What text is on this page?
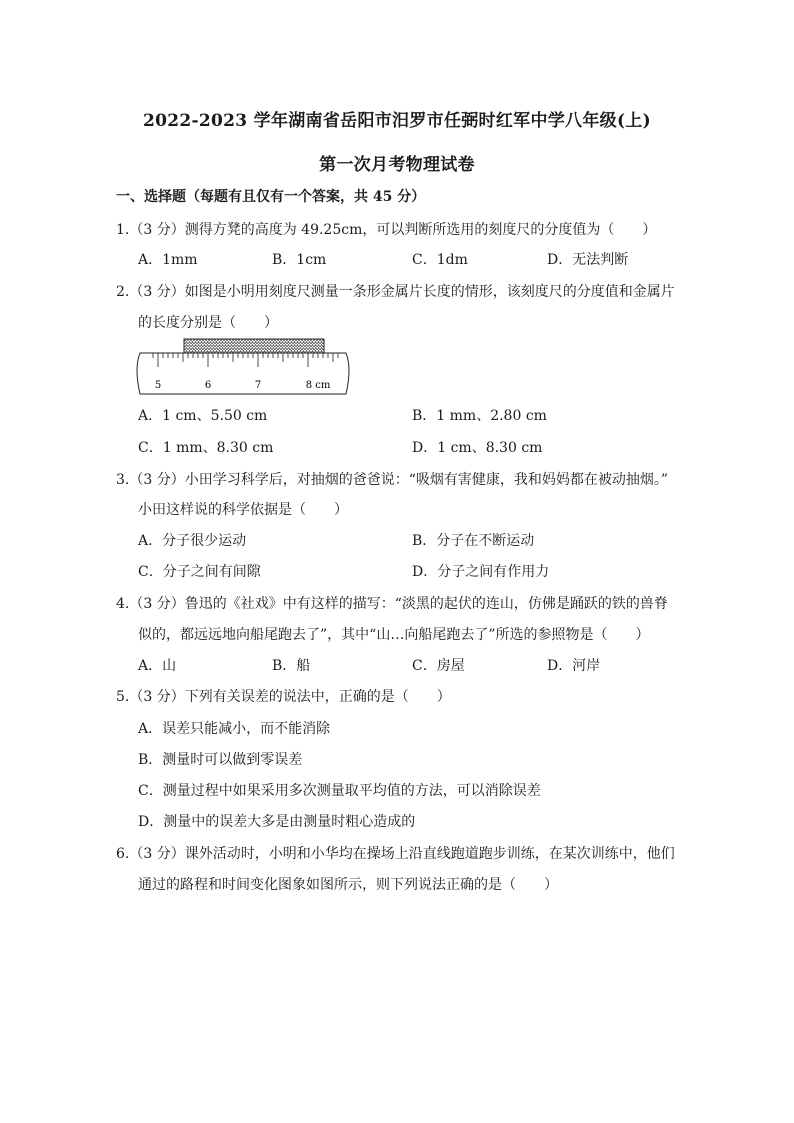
2022-2023 学年湖南省岳阳市汨罗市任弼时红军中学八年级(上)
第一次月考物理试卷
一、选择题（每题有且仅有一个答案，共 45 分）
1.（3 分）测得方凳的高度为 49.25cm，可以判断所选用的刻度尺的分度值为（　　）
A．1mm	B．1cm	C．1dm	D．无法判断
2.（3 分）如图是小明用刻度尺测量一条形金属片长度的情形，该刻度尺的分度值和金属片
的长度分别是（　　）
5	6	7	8 cm
A．1 cm、5.50 cm	B．1 mm、2.80 cm
C．1 mm、8.30 cm	D．1 cm、8.30 cm
3.（3 分）小田学习科学后，对抽烟的爸爸说：“吸烟有害健康，我和妈妈都在被动抽烟。”
小田这样说的科学依据是（　　）
A．分子很少运动	B．分子在不断运动
C．分子之间有间隙	D．分子之间有作用力
4.（3 分）鲁迅的《社戏》中有这样的描写：“淡黑的起伏的连山，仿佛是踊跃的铁的兽脊
似的，都远远地向船尾跑去了”，其中“山…向船尾跑去了”所选的参照物是（　　）
A．山	B．船	C．房屋	D．河岸
5.（3 分）下列有关误差的说法中，正确的是（　　）
A．误差只能减小，而不能消除
B．测量时可以做到零误差
C．测量过程中如果采用多次测量取平均值的方法，可以消除误差
D．测量中的误差大多是由测量时粗心造成的
6.（3 分）课外活动时，小明和小华均在操场上沿直线跑道跑步训练，在某次训练中，他们
通过的路程和时间变化图象如图所示，则下列说法正确的是（　　）
